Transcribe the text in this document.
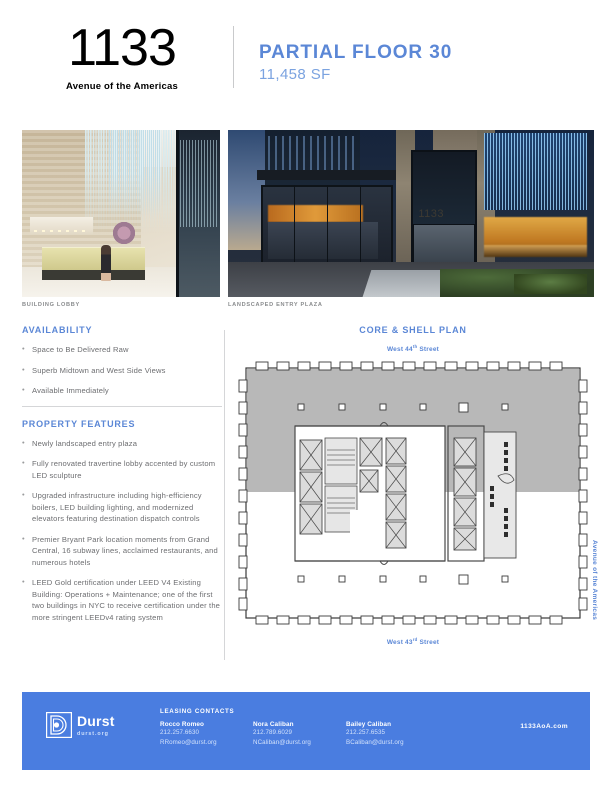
1133
Avenue of the Americas
PARTIAL FLOOR 30
11,458 SF
BUILDING LOBBY
1133
LANDSCAPED ENTRY PLAZA
AVAILABILITY
• Space to Be Delivered Raw
• Superb Midtown and West Side Views
• Available Immediately
PROPERTY FEATURES
• Newly landscaped entry plaza
• Fully renovated travertine lobby accented by custom LED sculpture
• Upgraded infrastructure including high-efficiency boilers, LED building lighting, and modernized elevators featuring destination dispatch controls
• Premier Bryant Park location moments from Grand Central, 16 subway lines, acclaimed restaurants, and numerous hotels
• LEED Gold certification under LEED V4 Existing Building: Operations + Maintenance; one of the first two buildings in NYC to receive certification under the more stringent LEEDv4 rating system
CORE & SHELL PLAN
West 44th Street
Avenue of the Americas
West 43rd Street
Durst
durst.org
LEASING CONTACTS
Rocco Romeo
212.257.6630
RRomeo@durst.org
Nora Caliban
212.789.6029
NCaliban@durst.org
Bailey Caliban
212.257.6535
BCaliban@durst.org
1133AoA.com
